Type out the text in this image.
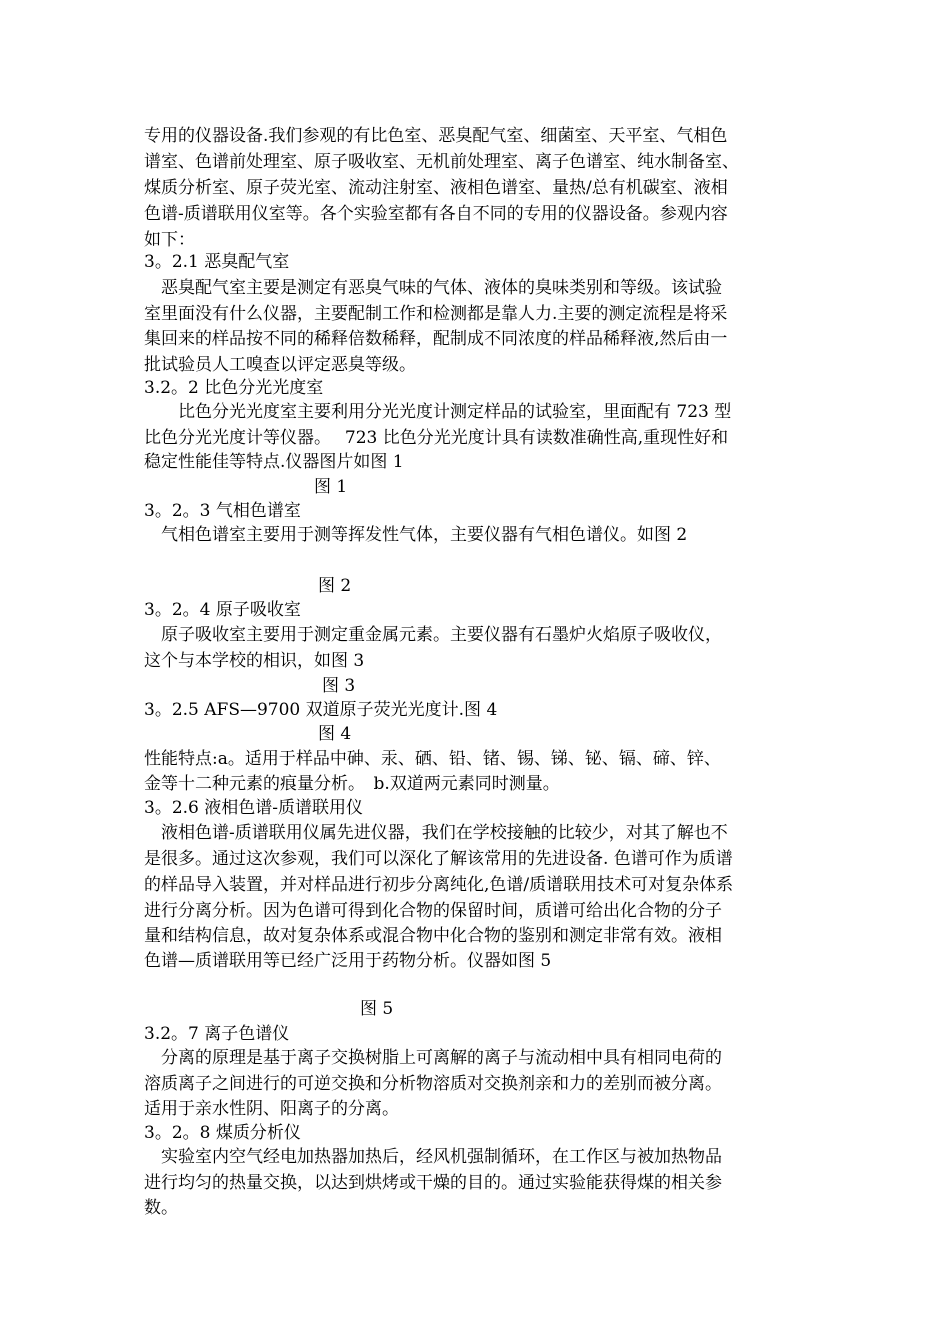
专用的仪器设备.我们参观的有比色室、恶臭配气室、细菌室、天平室、气相色
谱室、色谱前处理室、原子吸收室、无机前处理室、离子色谱室、纯水制备室、
煤质分析室、原子荧光室、流动注射室、液相色谱室、量热/总有机碳室、液相
色谱-质谱联用仪室等。各个实验室都有各自不同的专用的仪器设备。参观内容
如下：
3。2.1 恶臭配气室
　恶臭配气室主要是测定有恶臭气味的气体、液体的臭味类别和等级。该试验
室里面没有什么仪器，主要配制工作和检测都是靠人力.主要的测定流程是将采
集回来的样品按不同的稀释倍数稀释，配制成不同浓度的样品稀释液,然后由一
批试验员人工嗅查以评定恶臭等级。
3.2。2 比色分光光度室
　　比色分光光度室主要利用分光光度计测定样品的试验室，里面配有 723 型
比色分光光度计等仪器。　 723 比色分光光度计具有读数准确性高,重现性好和
稳定性能佳等特点.仪器图片如图 1
图 1
3。2。3 气相色谱室
　气相色谱室主要用于测等挥发性气体，主要仪器有气相色谱仪。如图 2
图 2
3。2。4 原子吸收室
　原子吸收室主要用于测定重金属元素。主要仪器有石墨炉火焰原子吸收仪，
这个与本学校的相识，如图 3
图 3
3。2.5 AFS—9700 双道原子荧光光度计.图 4
图 4
性能特点:a。适用于样品中砷、汞、硒、铅、锗、锡、锑、铋、镉、碲、锌、
金等十二种元素的痕量分析。　b.双道两元素同时测量。
3。2.6 液相色谱-质谱联用仪
　液相色谱-质谱联用仪属先进仪器，我们在学校接触的比较少，对其了解也不
是很多。通过这次参观，我们可以深化了解该常用的先进设备. 色谱可作为质谱
的样品导入装置，并对样品进行初步分离纯化,色谱/质谱联用技术可对复杂体系
进行分离分析。因为色谱可得到化合物的保留时间，质谱可给出化合物的分子
量和结构信息，故对复杂体系或混合物中化合物的鉴别和测定非常有效。液相
色谱—质谱联用等已经广泛用于药物分析。仪器如图 5
图 5
3.2。7 离子色谱仪
　分离的原理是基于离子交换树脂上可离解的离子与流动相中具有相同电荷的
溶质离子之间进行的可逆交换和分析物溶质对交换剂亲和力的差别而被分离。
适用于亲水性阴、阳离子的分离。
3。2。8 煤质分析仪
　实验室内空气经电加热器加热后，经风机强制循环，在工作区与被加热物品
进行均匀的热量交换，以达到烘烤或干燥的目的。通过实验能获得煤的相关参
数。
